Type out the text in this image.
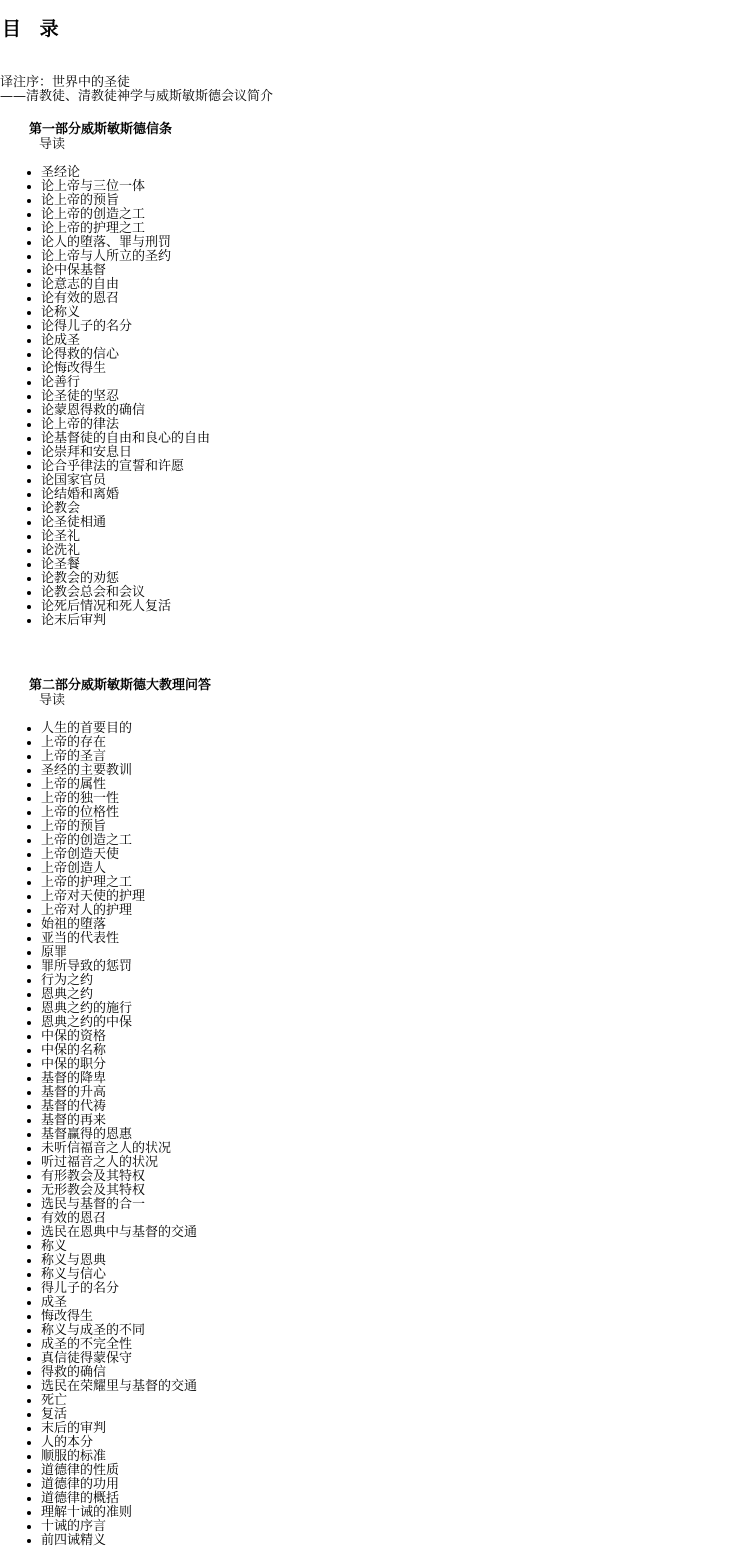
目 录
译注序：世界中的圣徒
——清教徒、清教徒神学与威斯敏斯德会议简介
第一部分威斯敏斯德信条
导读
• 圣经论
• 论上帝与三位一体
• 论上帝的预旨
• 论上帝的创造之工
• 论上帝的护理之工
• 论人的堕落、罪与刑罚
• 论上帝与人所立的圣约
• 论中保基督
• 论意志的自由
• 论有效的恩召
• 论称义
• 论得儿子的名分
• 论成圣
• 论得救的信心
• 论悔改得生
• 论善行
• 论圣徒的坚忍
• 论蒙恩得救的确信
• 论上帝的律法
• 论基督徒的自由和良心的自由
• 论崇拜和安息日
• 论合乎律法的宣誓和许愿
• 论国家官员
• 论结婚和离婚
• 论教会
• 论圣徒相通
• 论圣礼
• 论洗礼
• 论圣餐
• 论教会的劝惩
• 论教会总会和会议
• 论死后情况和死人复活
• 论末后审判
第二部分威斯敏斯德大教理问答
导读
• 人生的首要目的
• 上帝的存在
• 上帝的圣言
• 圣经的主要教训
• 上帝的属性
• 上帝的独一性
• 上帝的位格性
• 上帝的预旨
• 上帝的创造之工
• 上帝创造天使
• 上帝创造人
• 上帝的护理之工
• 上帝对天使的护理
• 上帝对人的护理
• 始祖的堕落
• 亚当的代表性
• 原罪
• 罪所导致的惩罚
• 行为之约
• 恩典之约
• 恩典之约的施行
• 恩典之约的中保
• 中保的资格
• 中保的名称
• 中保的职分
• 基督的降卑
• 基督的升高
• 基督的代祷
• 基督的再来
• 基督赢得的恩惠
• 未听信福音之人的状况
• 听过福音之人的状况
• 有形教会及其特权
• 无形教会及其特权
• 选民与基督的合一
• 有效的恩召
• 选民在恩典中与基督的交通
• 称义
• 称义与恩典
• 称义与信心
• 得儿子的名分
• 成圣
• 悔改得生
• 称义与成圣的不同
• 成圣的不完全性
• 真信徒得蒙保守
• 得救的确信
• 选民在荣耀里与基督的交通
• 死亡
• 复活
• 末后的审判
• 人的本分
• 顺服的标准
• 道德律的性质
• 道德律的功用
• 道德律的概括
• 理解十诫的准则
• 十诫的序言
• 前四诫精义
